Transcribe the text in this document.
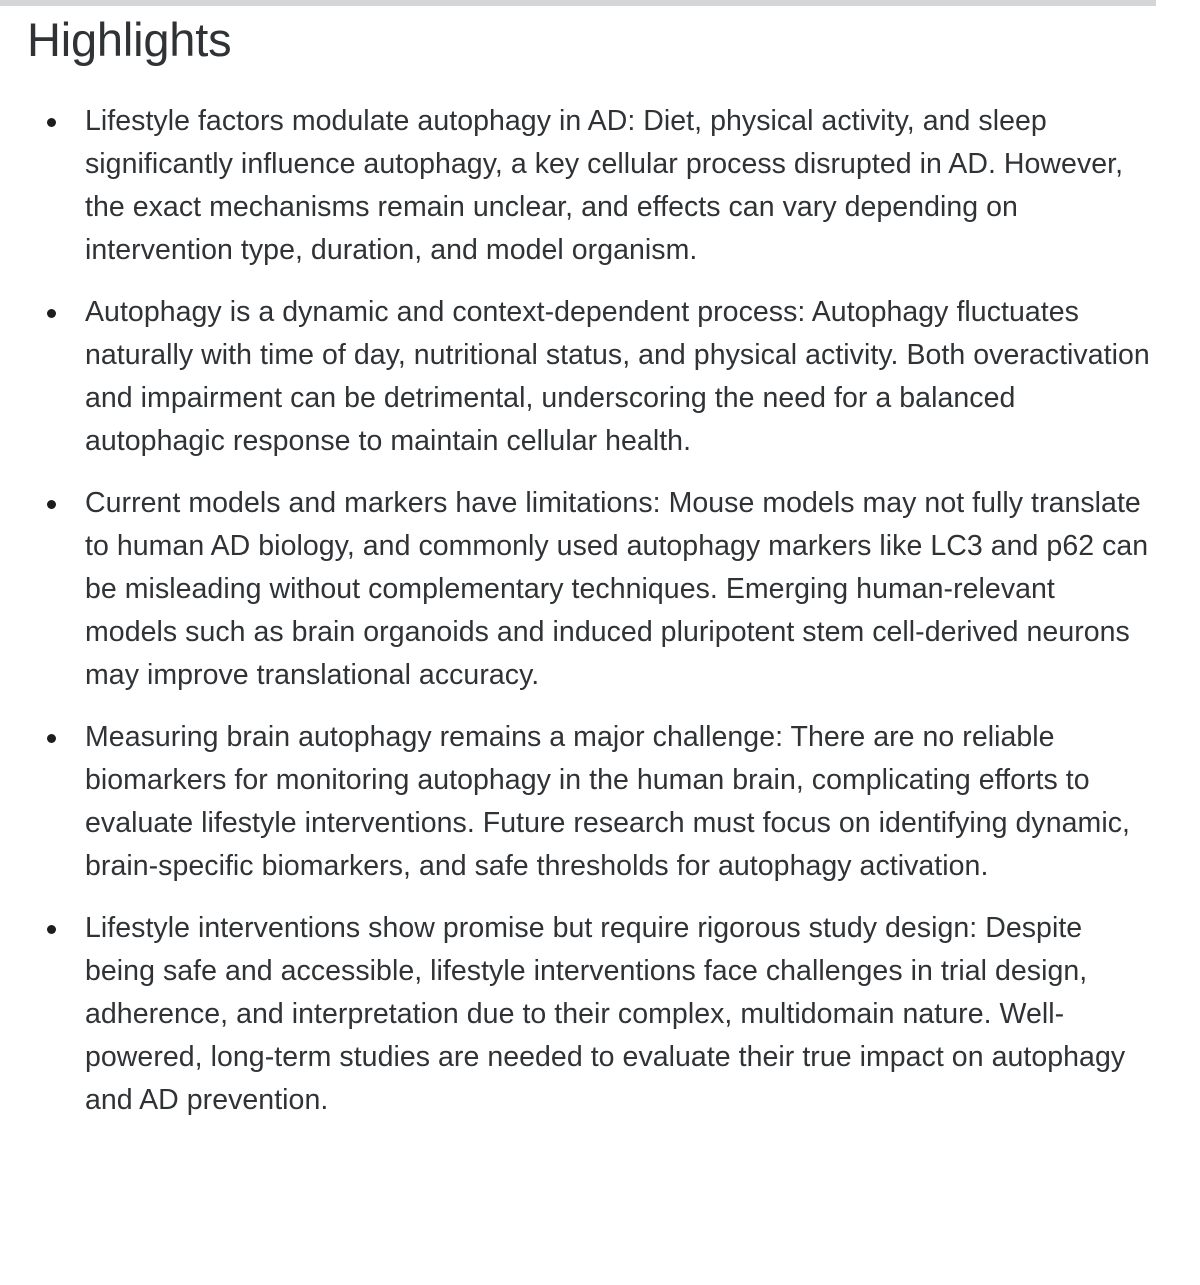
Highlights
Lifestyle factors modulate autophagy in AD: Diet, physical activity, and sleep significantly influence autophagy, a key cellular process disrupted in AD. However, the exact mechanisms remain unclear, and effects can vary depending on intervention type, duration, and model organism.
Autophagy is a dynamic and context-dependent process: Autophagy fluctuates naturally with time of day, nutritional status, and physical activity. Both overactivation and impairment can be detrimental, underscoring the need for a balanced autophagic response to maintain cellular health.
Current models and markers have limitations: Mouse models may not fully translate to human AD biology, and commonly used autophagy markers like LC3 and p62 can be misleading without complementary techniques. Emerging human-relevant models such as brain organoids and induced pluripotent stem cell-derived neurons may improve translational accuracy.
Measuring brain autophagy remains a major challenge: There are no reliable biomarkers for monitoring autophagy in the human brain, complicating efforts to evaluate lifestyle interventions. Future research must focus on identifying dynamic, brain-specific biomarkers, and safe thresholds for autophagy activation.
Lifestyle interventions show promise but require rigorous study design: Despite being safe and accessible, lifestyle interventions face challenges in trial design, adherence, and interpretation due to their complex, multidomain nature. Well-powered, long-term studies are needed to evaluate their true impact on autophagy and AD prevention.
